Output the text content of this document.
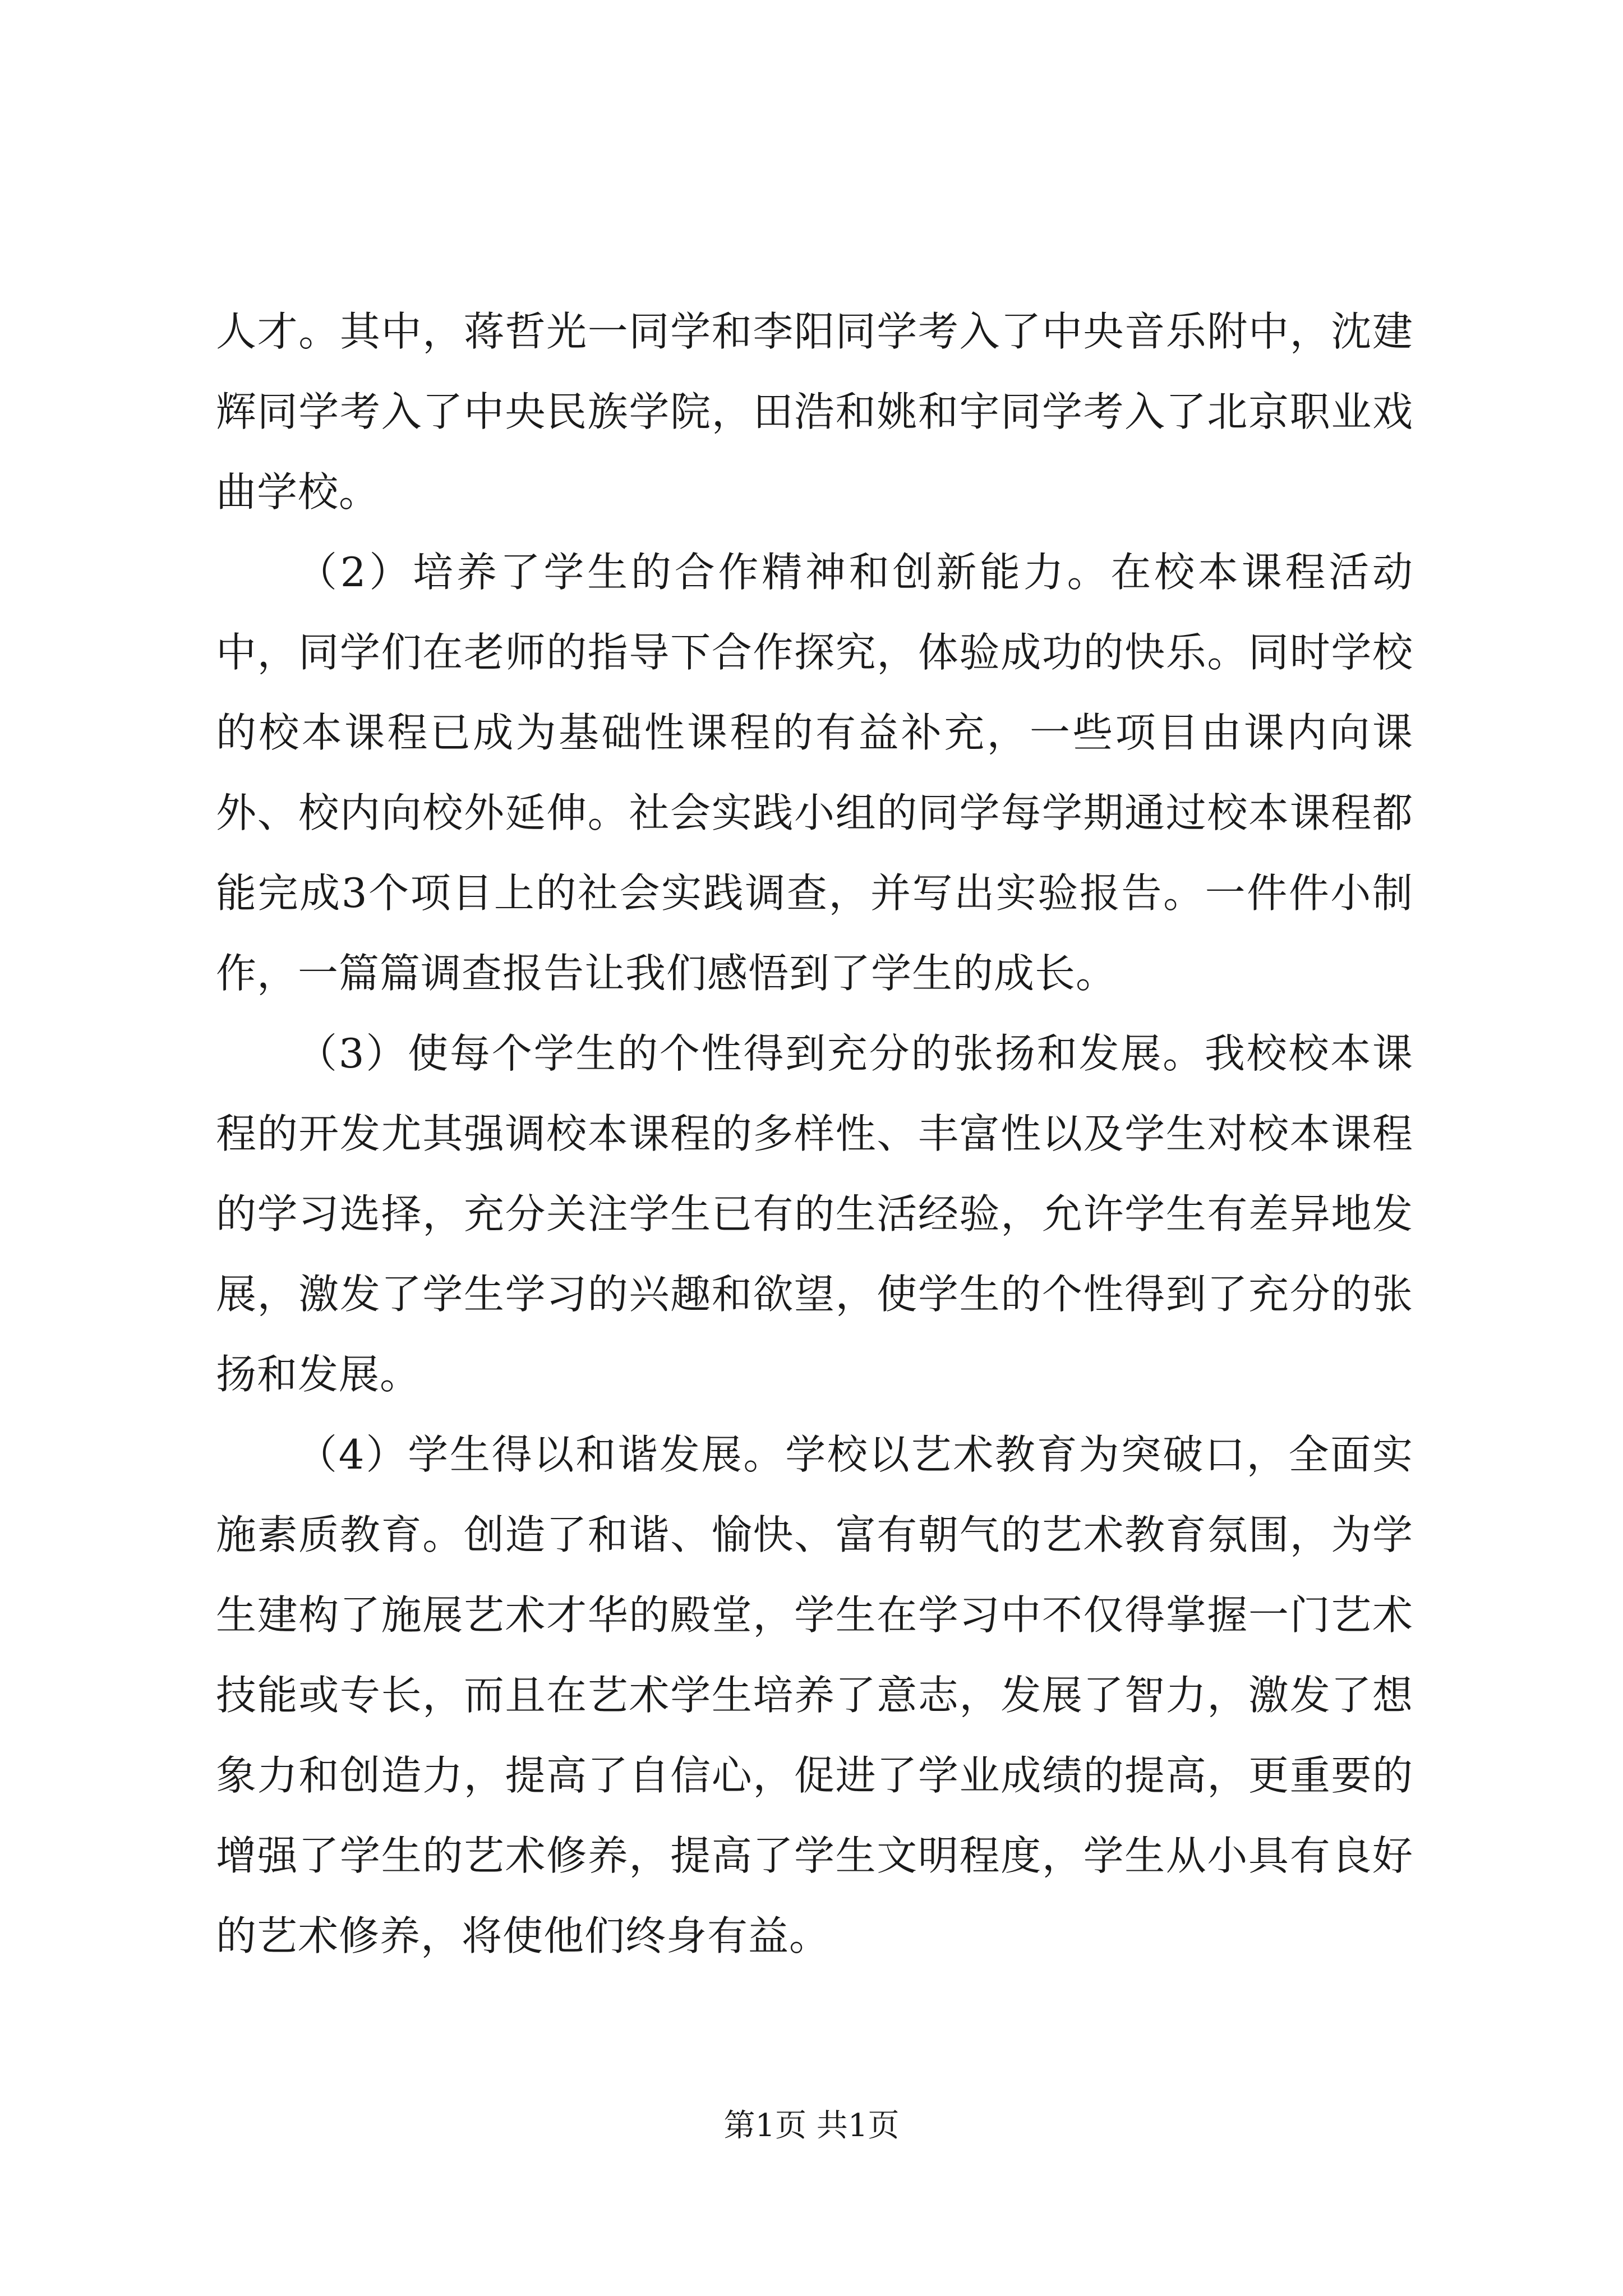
人才。其中，蒋哲光一同学和李阳同学考入了中央音乐附中，沈建辉同学考入了中央民族学院，田浩和姚和宇同学考入了北京职业戏曲学校。

（2）培养了学生的合作精神和创新能力。在校本课程活动中，同学们在老师的指导下合作探究，体验成功的快乐。同时学校的校本课程已成为基础性课程的有益补充，一些项目由课内向课外、校内向校外延伸。社会实践小组的同学每学期通过校本课程都能完成3个项目上的社会实践调查，并写出实验报告。一件件小制作，一篇篇调查报告让我们感悟到了学生的成长。

（3）使每个学生的个性得到充分的张扬和发展。我校校本课程的开发尤其强调校本课程的多样性、丰富性以及学生对校本课程的学习选择，充分关注学生已有的生活经验，允许学生有差异地发展，激发了学生学习的兴趣和欲望，使学生的个性得到了充分的张扬和发展。

（4）学生得以和谐发展。学校以艺术教育为突破口，全面实施素质教育。创造了和谐、愉快、富有朝气的艺术教育氛围，为学生建构了施展艺术才华的殿堂，学生在学习中不仅得掌握一门艺术技能或专长，而且在艺术学生培养了意志，发展了智力，激发了想象力和创造力，提高了自信心，促进了学业成绩的提高，更重要的增强了学生的艺术修养，提高了学生文明程度，学生从小具有良好的艺术修养，将使他们终身有益。

第1页 共1页
